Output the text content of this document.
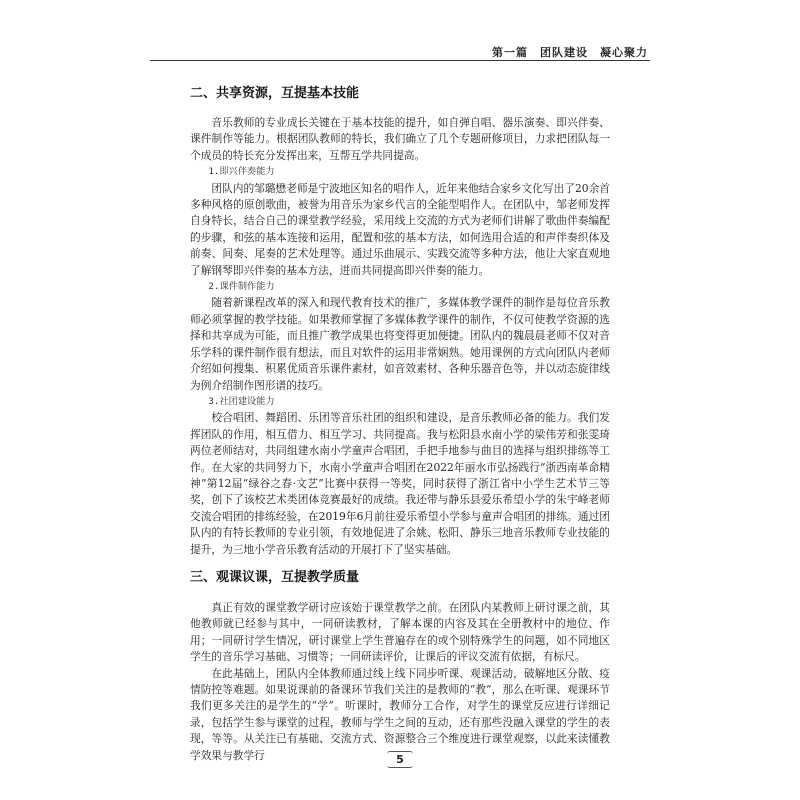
第一篇　团队建设　凝心聚力
二、共享资源，互提基本技能

音乐教师的专业成长关键在于基本技能的提升，如自弹自唱、器乐演奏、即兴伴奏、课件制作等能力。根据团队教师的特长，我们确立了几个专题研修项目，力求把团队每一个成员的特长充分发挥出来，互帮互学共同提高。

1.即兴伴奏能力

团队内的邹璐懋老师是宁波地区知名的唱作人，近年来他结合家乡文化写出了20余首多种风格的原创歌曲，被誉为用音乐为家乡代言的全能型唱作人。在团队中，邹老师发挥自身特长，结合自己的课堂教学经验，采用线上交流的方式为老师们讲解了歌曲伴奏编配的步骤，和弦的基本连接和运用，配置和弦的基本方法，如何选用合适的和声伴奏织体及前奏、间奏、尾奏的艺术处理等。通过乐曲展示、实践交流等多种方法，他让大家直观地了解钢琴即兴伴奏的基本方法，进而共同提高即兴伴奏的能力。

2.课件制作能力

随着新课程改革的深入和现代教育技术的推广，多媒体教学课件的制作是每位音乐教师必须掌握的教学技能。如果教师掌握了多媒体教学课件的制作，不仅可使教学资源的选择和共享成为可能，而且推广教学成果也将变得更加便捷。团队内的魏晨晨老师不仅对音乐学科的课件制作很有想法，而且对软件的运用非常娴熟。她用课例的方式向团队内老师介绍如何搜集、积累优质音乐课件素材，如音效素材、各种乐器音色等，并以动态旋律线为例介绍制作图形谱的技巧。

3.社团建设能力

校合唱团、舞蹈团、乐团等音乐社团的组织和建设，是音乐教师必备的能力。我们发挥团队的作用，相互借力、相互学习、共同提高。我与松阳县水南小学的梁伟芳和张雯琦两位老师结对，共同组建水南小学童声合唱团，手把手地参与曲目的选择与组织排练等工作。在大家的共同努力下，水南小学童声合唱团在2022年丽水市弘扬践行“浙西南革命精神”第12届“绿谷之春·文艺”比赛中获得一等奖，同时获得了浙江省中小学生艺术节三等奖，创下了该校艺术类团体竞赛最好的成绩。我还带与静乐县爱乐希望小学的朱宇峰老师交流合唱团的排练经验，在2019年6月前往爱乐希望小学参与童声合唱团的排练。通过团队内的有特长教师的专业引领，有效地促进了余姚、松阳、静乐三地音乐教师专业技能的提升，为三地小学音乐教育活动的开展打下了坚实基础。

三、观课议课，互提教学质量

真正有效的课堂教学研讨应该始于课堂教学之前。在团队内某教师上研讨课之前，其他教师就已经参与其中，一同研读教材，了解本课的内容及其在全册教材中的地位、作用；一同研讨学生情况，研讨课堂上学生普遍存在的或个别特殊学生的问题，如不同地区学生的音乐学习基础、习惯等；一同研读评价，让课后的评议交流有依据，有标尺。

在此基础上，团队内全体教师通过线上线下同步听课、观课活动，破解地区分散、疫情防控等难题。如果说课前的备课环节我们关注的是教师的“教”，那么在听课、观课环节我们更多关注的是学生的“学”。听课时，教师分工合作，对学生的课堂反应进行详细记录，包括学生参与课堂的过程，教师与学生之间的互动，还有那些没融入课堂的学生的表现，等等。从关注已有基础、交流方式、资源整合三个维度进行课堂观察，以此来读懂教学效果与教学行	5
